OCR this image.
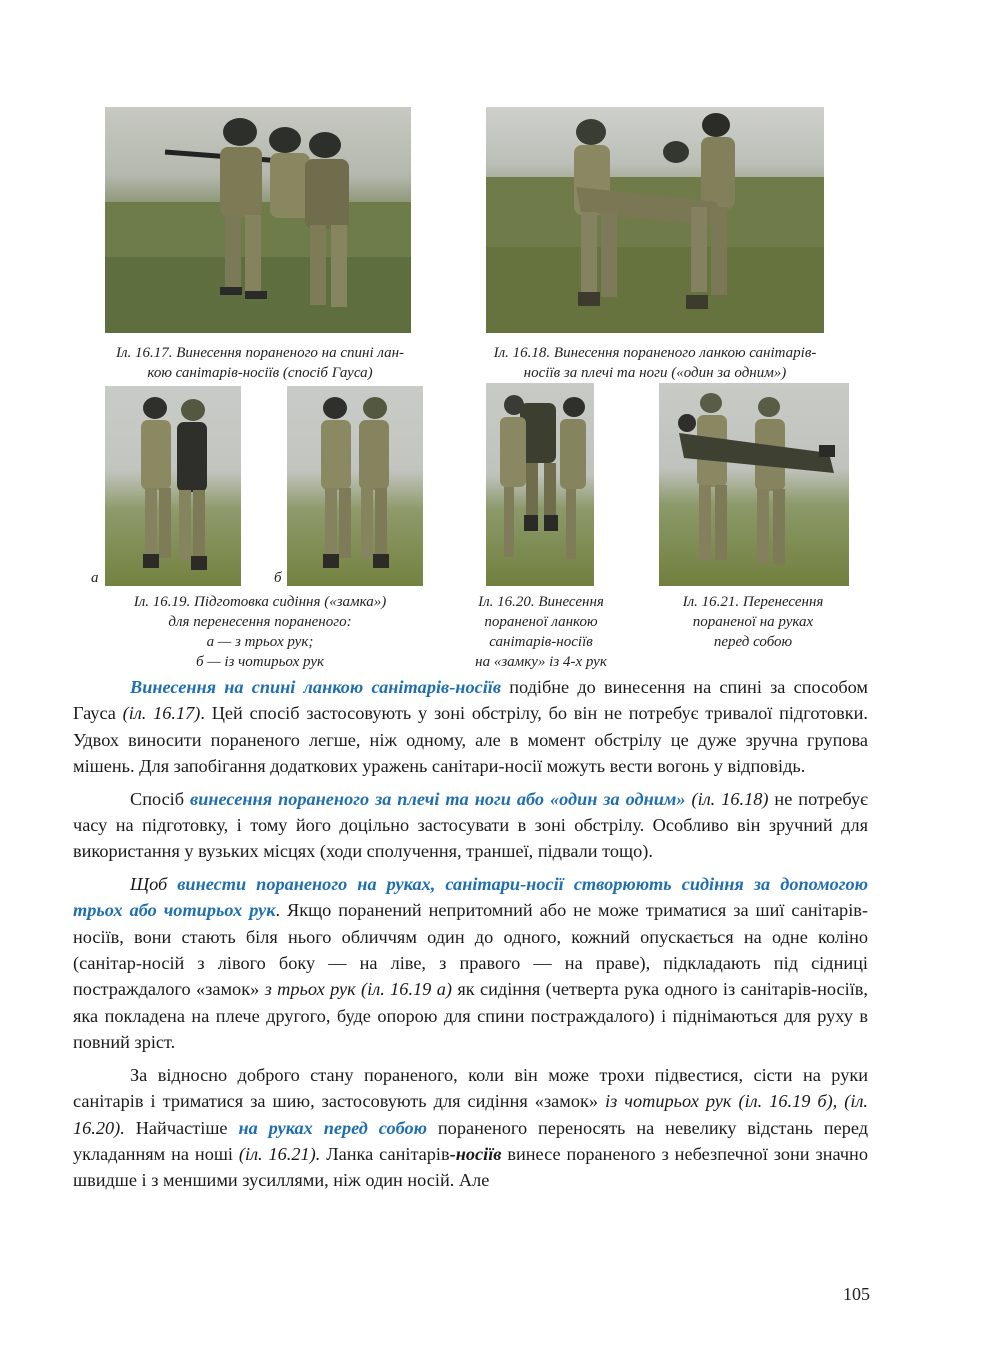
Іл. 16.17. Винесення пораненого на спині лан-
кою санітарів-носіїв (спосіб Гауса)
Іл. 16.18. Винесення пораненого ланкою санітарів-
носіїв за плечі та ноги («один за одним»)
а	б
Іл. 16.19. Підготовка сидіння («замка»)
для перенесення пораненого:
а — з трьох рук;
б — із чотирьох рук
Іл. 16.20. Винесення
пораненої ланкою
санітарів-носіїв
на «замку» із 4-х рук
Іл. 16.21. Перенесення
пораненої на руках
перед собою

Винесення на спині ланкою санітарів-носіїв подібне до винесення на спині за способом Гауса (іл. 16.17). Цей спосіб застосовують у зоні обстрілу, бо він не потребує тривалої підготовки. Удвох виносити пораненого легше, ніж одному, але в момент обстрілу це дуже зручна групова мішень. Для запобігання додаткових уражень санітари-носії можуть вести вогонь у відповідь.

Спосіб винесення пораненого за плечі та ноги або «один за одним» (іл. 16.18) не потребує часу на підготовку, і тому його доцільно застосувати в зоні обстрілу. Особливо він зручний для використання у вузьких місцях (ходи сполучення, траншеї, підвали тощо).

Щоб винести пораненого на руках, санітари-носії створюють сидіння за допомогою трьох або чотирьох рук. Якщо поранений непритомний або не може триматися за шиї санітарів-носіїв, вони стають біля нього обличчям один до одного, кожний опускається на одне коліно (санітар-носій з лівого боку — на ліве, з правого — на праве), підкладають під сідниці постраждалого «замок» з трьох рук (іл. 16.19 а) як сидіння (четверта рука одного із санітарів-носіїв, яка покладена на плече другого, буде опорою для спини постраждалого) і піднімаються для руху в повний зріст.

За відносно доброго стану пораненого, коли він може трохи підвестися, сісти на руки санітарів і триматися за шию, застосовують для сидіння «замок» із чотирьох рук (іл. 16.19 б), (іл. 16.20). Найчастіше на руках перед собою пораненого переносять на невелику відстань перед укладанням на ноші (іл. 16.21). Ланка санітарів-носіїв винесе пораненого з небезпечної зони значно швидше і з меншими зусиллями, ніж один носій. Але

105
